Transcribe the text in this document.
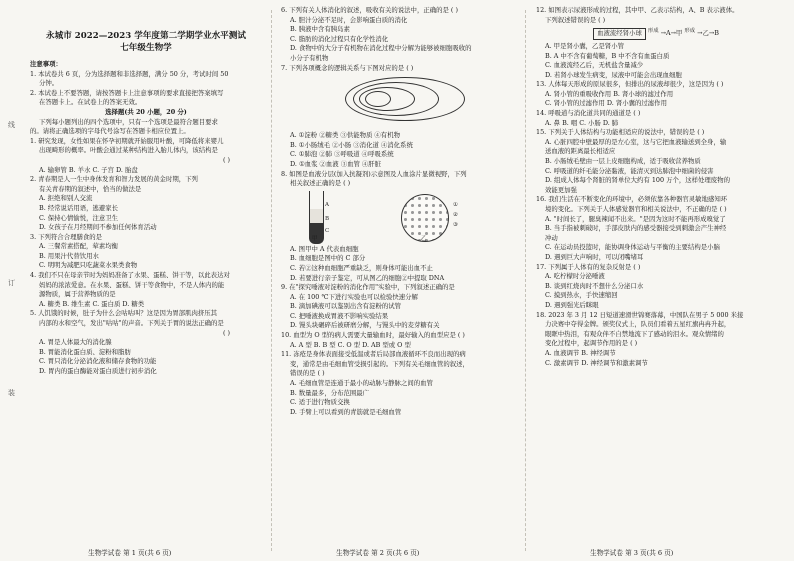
线
订
装
永城市 2022—2023 学年度第二学期学业水平测试
七年级生物学
注意事项：
1. 本试卷共 6 页，分为选择题和非选择题，满分 50 分，考试时间 50
分钟。
2. 本试卷上不要答题，请按答题卡上注意事项的要求直接把答案填写
在答题卡上。在试卷上的答案无效。
选择题(共 20 小题，20 分)
下列每小题列出的四个选项中，只有一个选项是最符合题目要求
的。请将正确选项的字母代号涂写在答题卡相应位置上。
1. 研究发现，女性如果在怀孕初期就开始服用叶酸，可降低将来婴儿
出现畸形的概率。叶酸会通过某种结构进入胎儿体内，该结构是
( )
A. 输卵管 B. 羊水 C. 子宫 D. 胎盘
2. 青春期是人一生中身体发育和智力发展的黄金时期，下列
有关青春期的叙述中，恰当的做法是
A. 拒绝和别人交流
B. 经常说话用语，逃避家长
C. 保持心情愉悦，注意卫生
D. 女孩子在月经期间不参加任何体育活动
3. 下列符合合理膳食的是
A. 三餐常素搭配，荤素均衡
B. 用果汁代替饮用水
C. 明明为减肥只吃蔬菜水果类食物
4. 我们不只在母亲节时为妈妈准备了水果、蛋糕、饼干等，以此表达对
妈妈的浓浓爱意。在水果、蛋糕、饼干等食物中，不是人体内的能
源物质，属于营养物质的是
A. 糖类 B. 维生素 C. 蛋白质 D. 糖类
5. 人饥饿的时候，肚子为什么会咕咕叫？这是因为胃部肌肉挤压其
内部的水和空气，发出"咕咕"的声音。下列关于胃的说法正确的是
( )
A. 胃是人体最大的消化腺
B. 胃能消化蛋白质、淀粉和脂肪
C. 胃只消化分泌消化液和储存食物的功能
D. 胃内的蛋白酶能对蛋白质进行初步消化
6. 下列有关人体消化的叙述，吸收有关的说法中，正确的是 ( )
A. 胆汁分泌不足时，会影响蛋白质的消化
B. 胰液中含有胰岛素
C. 脂肪的消化过程只有化学性消化
D. 食物中的大分子有机物在消化过程中分解为能够被细胞吸收的
小分子有机物
7. 下列各项概念的逻辑关系与下图对应的是 ( )
A. ①淀粉 ②糖类 ③供能物质 ④有机物
B. ①小肠绒毛 ②小肠 ③消化道 ④消化系统
C. ①肺泡 ②肺 ③呼吸道 ④呼吸系统
D. ①血浆 ②血液 ③血管 ④肝脏
8. 如图是血液分层(加入抗凝剂)示意图及人血涂片显微视野，下列
相关叙述正确的是 ( )
A
B
C
甲
①
②
③
乙
A. 图甲中 A 代表血细胞
B. 血细胞是图中的 C 部分
C. 若②这种血细胞严重缺乏，则身体可能出血不止
D. 若要进行亲子鉴定，可从图乙的细胞②中提取 DNA
9. 在"探究唾液对淀粉的消化作用"实验中，下列叙述正确的是
A. 在 100 ℃下进行实验也可以检验快速分解
B. 滴加碘液可以鉴别出含有淀粉的试管
C. 把唾液换成胃液不影响实验结果
D. 馒头块碾碎后被研磨分解，与馒头中的麦芽糖有关
10. 血型为 O 型的病人需要大量输血时，最好输入的血型应是 ( )
A. A 型 B. B 型 C. O 型 D. AB 型或 O 型
11. 冻疮是身体表面接受低温或者后局部血液循环不良而出现的病
变，通常是由毛细血管受损引起的。下列有关毛细血管的叙述，
错误的是 ( )
A. 毛细血管是连通于最小的动脉与静脉之间的血管
B. 数量最多，分布范围最广
C. 适于进行物质交换
D. 手臂上可以看到的青筋就是毛细血管
12. 如图表示尿液形成的过程，其中甲、乙表示结构，A、B 表示液体。
下列叙述错误的是 ( )
血液流经肾小球 $^{形成}$ →A→甲 $^{形成}$ →乙→B
A. 甲是肾小囊，乙是肾小管
B. A 中不含有葡萄糖，B 中不含有血蛋白质
C. 血液流经乙后，无机盐含量减少
D. 若肾小球发生病变，尿液中可能会出现血细胞
13. 人体每天形成的原尿很多，但排出的尿液却很少，这是因为 ( )
A. 肾小管的重吸收作用 B. 肾小球的滤过作用
C. 肾小管的过滤作用 D. 肾小囊的过滤作用
14. 呼吸道与消化道共同的通道是 ( )
A. 鼻 B. 咽 C. 小肠 D. 肺
15. 下列关于人体结构与功能相适应的说法中，错误的是 ( )
A. 心脏四腔中壁最厚的是左心室，这与它把血液输送到全身，输
送血液的距离最长相适应
B. 小肠绒毛壁由一层上皮细胞构成，适于吸收营养物质
C. 呼吸道的纤毛能分泌黏液，能清灭到达肺泡中细菌的侵害
D. 组成人体每个肾脏的肾单位大约有 100 万个，这样处理废物的
效能更加强
16. 我们生活在不断变化的环境中，必须依靠各种器官灵敏地感知环
境的变化。下列关于人体感觉器官和相关说法中，不正确的是 ( )
A. "时间长了，腿臭辣闻不出来。"是因为这时不能再形成嗅觉了
B. 当手指被刺破时，手部皮肤内的感受器接受到刺激会产生神经
冲动
C. 在运动员投篮时，能协调身体运动与平衡的主要结构是小脑
D. 遇到巨大声响时，可以闭嘴堵耳
17. 下列属于人体有的复杂反射是 ( )
A. 吃柠檬时分泌唾液
B. 谈到红烧肉时不想什么分泌口水
C. 摸到热水，手快速缩回
D. 遇到强光后眯眼
18. 2023 年 3 月 12 日短道速滑世锦赛落幕，中国队在男子 5 000 米接
力决赛中夺得金牌。颁奖仪式上，队员们看着五星红旗冉冉升起，
眼眶中热泪，有观众伴不自禁地流下了感动的泪水。观众情绪的
变化过程中，起调节作用的是 ( )
A. 血液调节 B. 神经调节
C. 激素调节 D. 神经调节和激素调节
生物学试卷 第 1 页(共 6 页)	生物学试卷 第 2 页(共 6 页)	生物学试卷 第 3 页(共 6 页)
